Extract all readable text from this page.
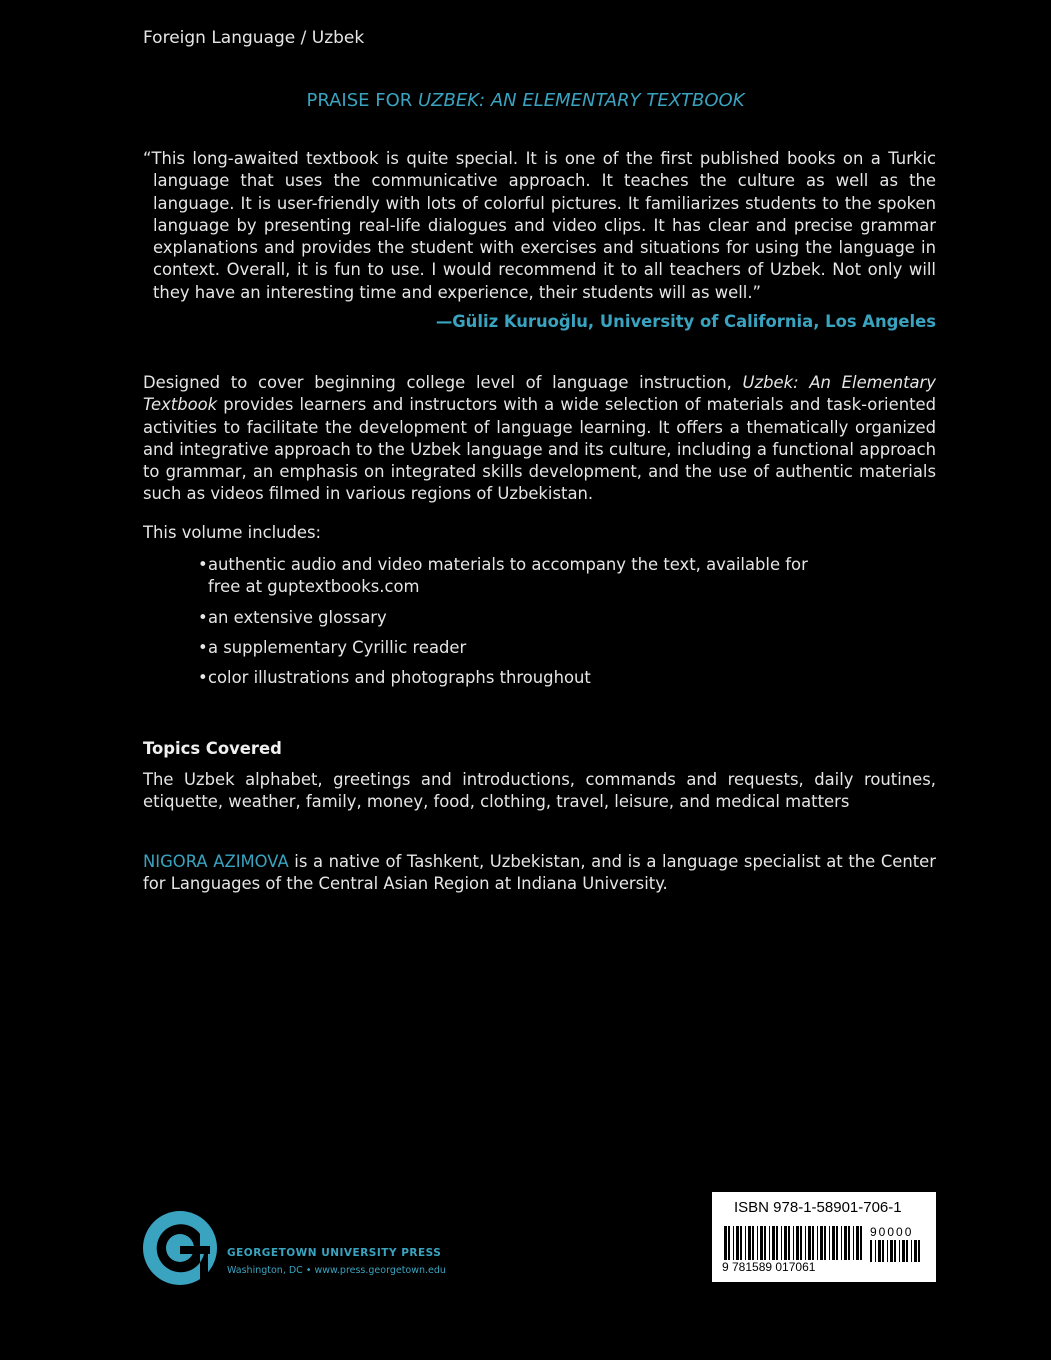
Foreign Language / Uzbek
PRAISE FOR UZBEK: AN ELEMENTARY TEXTBOOK
“This long-awaited textbook is quite special. It is one of the first published books on a Turkic language that uses the communicative approach. It teaches the culture as well as the language. It is user-friendly with lots of colorful pictures. It familiarizes students to the spoken language by presenting real-life dialogues and video clips. It has clear and precise grammar explanations and provides the student with exercises and situations for using the language in context. Overall, it is fun to use. I would recommend it to all teachers of Uzbek. Not only will they have an interesting time and experience, their students will as well.”
—Güliz Kuruoğlu, University of California, Los Angeles
Designed to cover beginning college level of language instruction, Uzbek: An Elementary Textbook provides learners and instructors with a wide selection of materials and task-oriented activities to facilitate the development of language learning. It offers a thematically organized and integrative approach to the Uzbek language and its culture, including a functional approach to grammar, an emphasis on integrated skills development, and the use of authentic materials such as videos filmed in various regions of Uzbekistan.
This volume includes:
•authentic audio and video materials to accompany the text, available for free at guptextbooks.com
•an extensive glossary
•a supplementary Cyrillic reader
•color illustrations and photographs throughout
Topics Covered
The Uzbek alphabet, greetings and introductions, commands and requests, daily routines, etiquette, weather, family, money, food, clothing, travel, leisure, and medical matters
NIGORA AZIMOVA is a native of Tashkent, Uzbekistan, and is a language specialist at the Center for Languages of the Central Asian Region at Indiana University.
GEORGETOWN UNIVERSITY PRESS
Washington, DC • www.press.georgetown.edu
ISBN 978-1-58901-706-1
9 781589 017061
90000
